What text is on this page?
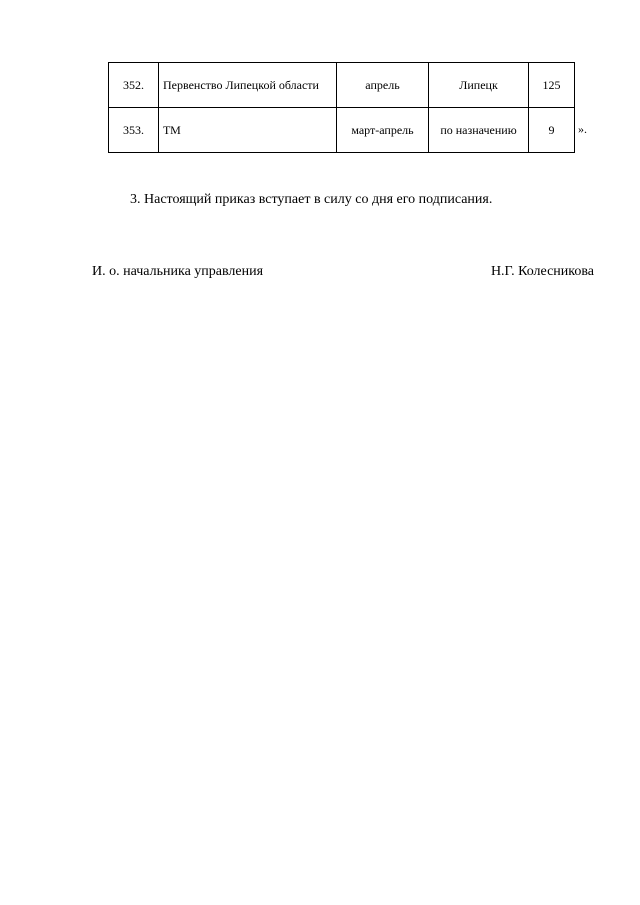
352.	Первенство Липецкой области	апрель	Липецк	125
353.	ТМ	март-апрель	по назначению	9 ».
3. Настоящий приказ вступает в силу со дня его подписания.
И. о. начальника управления	Н.Г. Колесникова
